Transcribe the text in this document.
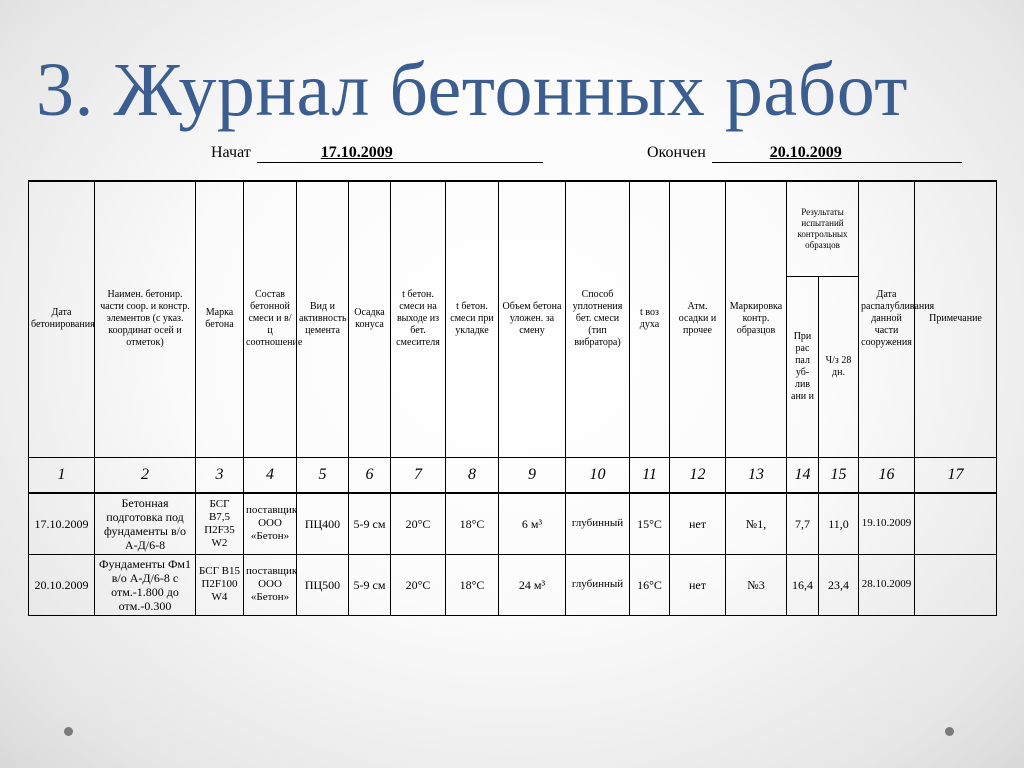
3. Журнал бетонных работ
Начат	17.10.2009	Окончен	20.10.2009
Дата бетонирования	Наимен. бетонир. части соор. и констр. элементов (с указ. координат осей и отметок)	Марка бетона	Состав бетонной смеси и в/ц соотношение	Вид и активность цемента	Осадка конуса	t бетон. смеси на выходе из бет. смесителя	t бетон. смеси при укладке	Объем бетона уложен. за смену	Способ уплотнения бет. смеси (тип вибратора)	t воз духа	Атм. осадки и прочее	Маркировка контр. образцов	Результаты испытаний контрольных образцов		Дата распалубливания данной части сооружения	Примечание
													При рас пал уб- лив ани и	Ч/з 28 дн.		
1	2	3	4	5	6	7	8	9	10	11	12	13	14	15	16	17
17.10.2009	Бетонная подготовка под фундаменты в/о А-Д/6-8	БСГ В7,5 П2F35 W2	поставщик ООО «Бетон»	ПЦ400	5-9 см	20°С	18°С	6 м³	глубинный	15°С	нет	№1,	7,7	11,0	19.10.2009	
20.10.2009	Фундаменты Фм1 в/о А-Д/6-8 с отм.-1.800 до отм.-0.300	БСГ В15 П2F100 W4	поставщик ООО «Бетон»	ПЦ500	5-9 см	20°С	18°С	24 м³	глубинный	16°С	нет	№3	16,4	23,4	28.10.2009	
